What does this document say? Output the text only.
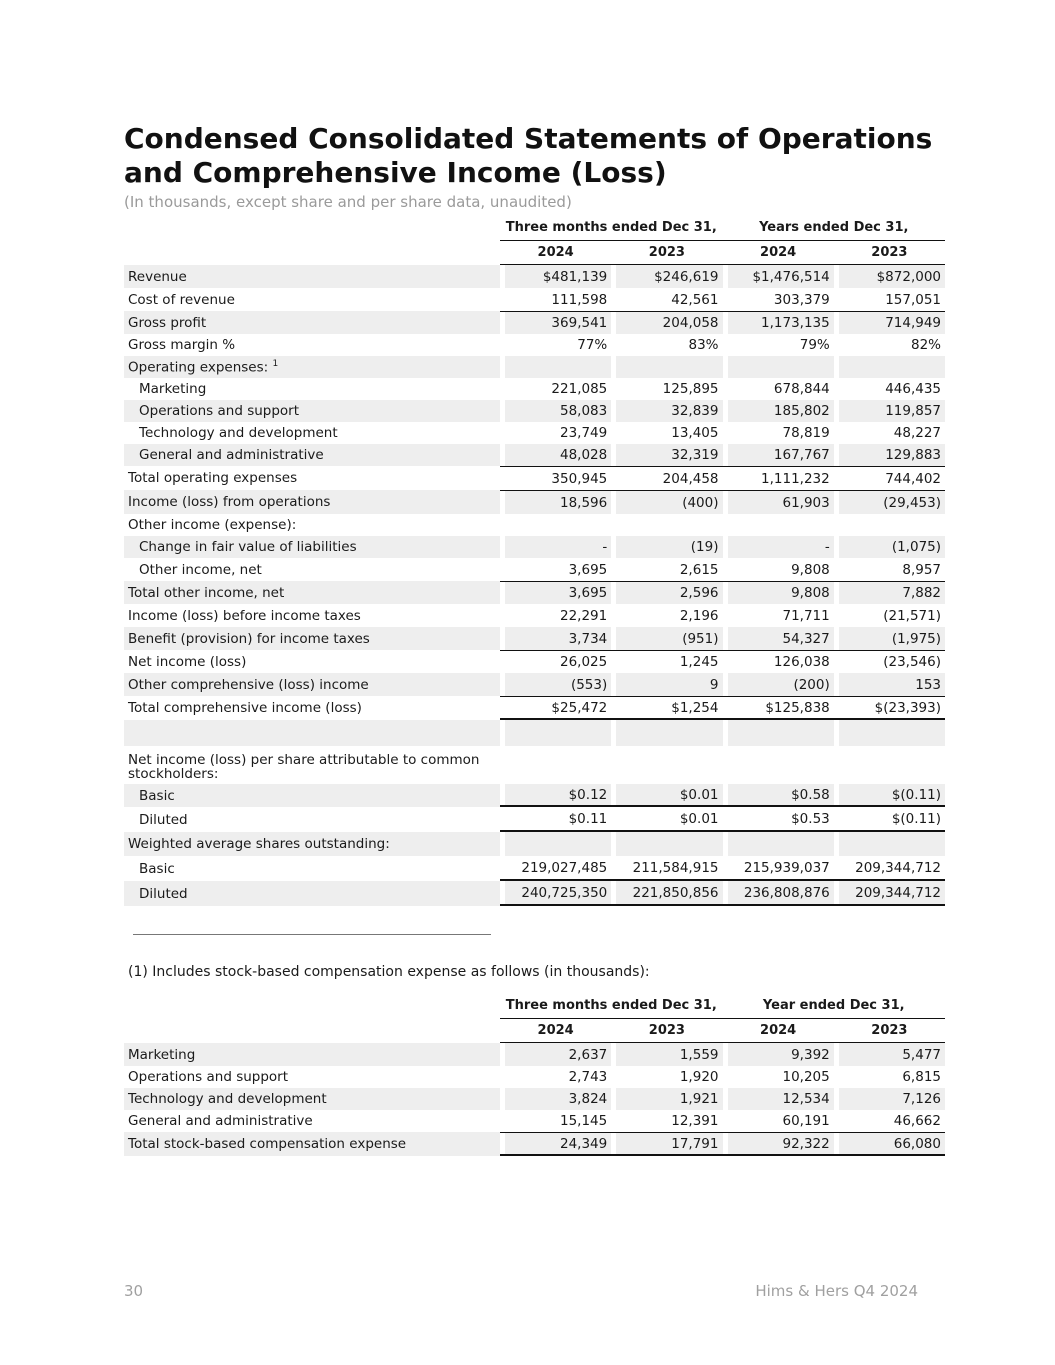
Condensed Consolidated Statements of Operations and Comprehensive Income (Loss)
(In thousands, except share and per share data, unaudited)
	Three months ended Dec 31,		Years ended Dec 31,	
	2024	2023	2024	2023
Revenue	$481,139	$246,619	$1,476,514	$872,000
Cost of revenue	111,598	42,561	303,379	157,051
Gross profit	369,541	204,058	1,173,135	714,949
Gross margin %	77%	83%	79%	82%
Operating expenses: $^1$				
Marketing	221,085	125,895	678,844	446,435
Operations and support	58,083	32,839	185,802	119,857
Technology and development	23,749	13,405	78,819	48,227
General and administrative	48,028	32,319	167,767	129,883
Total operating expenses	350,945	204,458	1,111,232	744,402
Income (loss) from operations	18,596	(400)	61,903	(29,453)
Other income (expense):				
Change in fair value of liabilities	-	(19)	-	(1,075)
Other income, net	3,695	2,615	9,808	8,957
Total other income, net	3,695	2,596	9,808	7,882
Income (loss) before income taxes	22,291	2,196	71,711	(21,571)
Benefit (provision) for income taxes	3,734	(951)	54,327	(1,975)
Net income (loss)	26,025	1,245	126,038	(23,546)
Other comprehensive (loss) income	(553)	9	(200)	153
Total comprehensive income (loss)	$25,472	$1,254	$125,838	$(23,393)

Net income (loss) per share attributable to common stockholders:				
Basic	$0.12	$0.01	$0.58	$(0.11)
Diluted	$0.11	$0.01	$0.53	$(0.11)
Weighted average shares outstanding:				
Basic	219,027,485	211,584,915	215,939,037	209,344,712
Diluted	240,725,350	221,850,856	236,808,876	209,344,712
(1) Includes stock-based compensation expense as follows (in thousands):
	Three months ended Dec 31,		Year ended Dec 31,	
	2024	2023	2024	2023
Marketing	2,637	1,559	9,392	5,477
Operations and support	2,743	1,920	10,205	6,815
Technology and development	3,824	1,921	12,534	7,126
General and administrative	15,145	12,391	60,191	46,662
Total stock-based compensation expense	24,349	17,791	92,322	66,080
30	Hims & Hers Q4 2024
